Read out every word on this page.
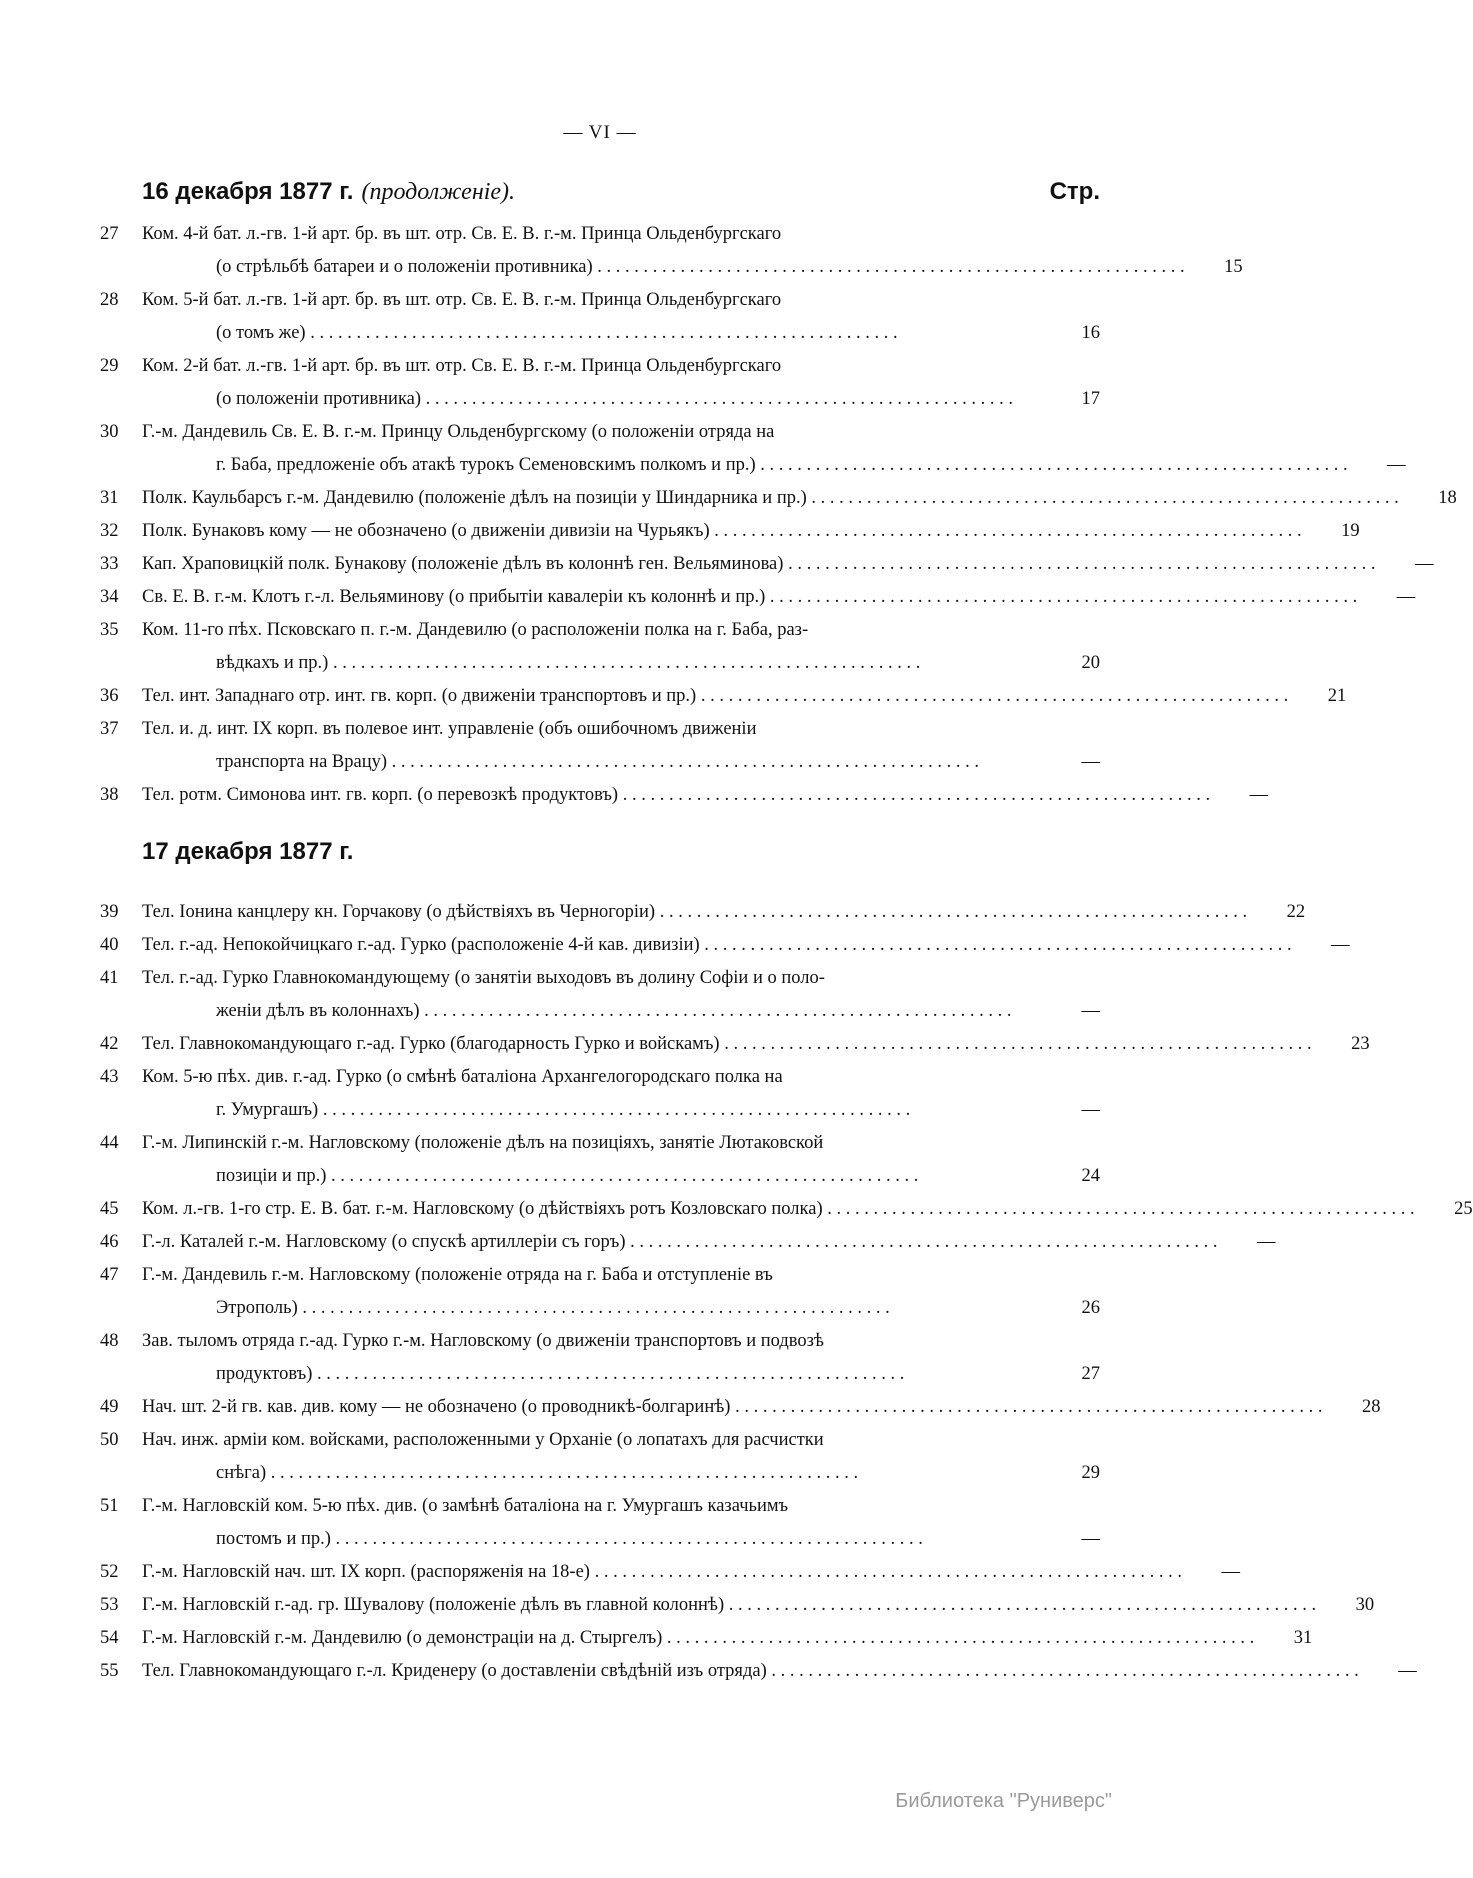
— VI —
16 декабря 1877 г. (продолженіе).	Стр.
27	Ком. 4-й бат. л.-гв. 1-й арт. бр. въ шт. отр. Св. Е. В. г.-м. Принца Ольденбургскаго
(о стрѣльбѣ батареи и о положеніи противника) . . .	15
28	Ком. 5-й бат. л.-гв. 1-й арт. бр. въ шт. отр. Св. Е. В. г.-м. Принца Ольденбургскаго
(о томъ же) . . .	16
29	Ком. 2-й бат. л.-гв. 1-й арт. бр. въ шт. отр. Св. Е. В. г.-м. Принца Ольденбургскаго
(о положеніи противника) . . .	17
30	Г.-м. Дандевиль Св. Е. В. г.-м. Принцу Ольденбургскому (о положеніи отряда на
г. Баба, предложеніе объ атакѣ турокъ Семеновскимъ полкомъ и пр.) . . .	—
31	Полк. Каульбарсъ г.-м. Дандевилю (положеніе дѣлъ на позиціи у Шиндарника и пр.) . . .	18
32	Полк. Бунаковъ кому — не обозначено (о движеніи дивизіи на Чурьякъ) . . .	19
33	Кап. Храповицкій полк. Бунакову (положеніе дѣлъ въ колоннѣ ген. Вельяминова) . . .	—
34	Св. Е. В. г.-м. Клотъ г.-л. Вельяминову (о прибытіи кавалеріи къ колоннѣ и пр.) . . .	—
35	Ком. 11-го пѣх. Псковскаго п. г.-м. Дандевилю (о расположеніи полка на г. Баба, раз-
вѣдкахъ и пр.) . . .	20
36	Тел. инт. Западнаго отр. инт. гв. корп. (о движеніи транспортовъ и пр.) . . .	21
37	Тел. и. д. инт. IX корп. въ полевое инт. управленіе (объ ошибочномъ движеніи
транспорта на Врацу) . . .	—
38	Тел. ротм. Симонова инт. гв. корп. (о перевозкѣ продуктовъ) . . .	—
17 декабря 1877 г.
39	Тел. Іонина канцлеру кн. Горчакову (о дѣйствіяхъ въ Черногоріи) . . .	22
40	Тел. г.-ад. Непокойчицкаго г.-ад. Гурко (расположеніе 4-й кав. дивизіи) . . .	—
41	Тел. г.-ад. Гурко Главнокомандующему (о занятіи выходовъ въ долину Софіи и о поло-
женіи дѣлъ въ колоннахъ) . . .	—
42	Тел. Главнокомандующаго г.-ад. Гурко (благодарность Гурко и войскамъ) . . .	23
43	Ком. 5-ю пѣх. див. г.-ад. Гурко (о смѣнѣ баталіона Архангелогородскаго полка на
г. Умургашъ) . . .	—
44	Г.-м. Липинскій г.-м. Нагловскому (положеніе дѣлъ на позиціяхъ, занятіе Лютаковской
позиціи и пр.) . . .	24
45	Ком. л.-гв. 1-го стр. Е. В. бат. г.-м. Нагловскому (о дѣйствіяхъ ротъ Козловскаго полка) . . .	25
46	Г.-л. Каталей г.-м. Нагловскому (о спускѣ артиллеріи съ горъ) . . .	—
47	Г.-м. Дандевиль г.-м. Нагловскому (положеніе отряда на г. Баба и отступленіе въ
Этрополь) . . .	26
48	Зав. тыломъ отряда г.-ад. Гурко г.-м. Нагловскому (о движеніи транспортовъ и подвозѣ
продуктовъ) . . .	27
49	Нач. шт. 2-й гв. кав. див. кому — не обозначено (о проводникѣ-болгаринѣ) . . .	28
50	Нач. инж. арміи ком. войсками, расположенными у Орханіе (о лопатахъ для расчистки
снѣга) . . .	29
51	Г.-м. Нагловскій ком. 5-ю пѣх. див. (о замѣнѣ баталіона на г. Умургашъ казачьимъ
постомъ и пр.) . . .	—
52	Г.-м. Нагловскій нач. шт. IX корп. (распоряженія на 18-е) . . .	—
53	Г.-м. Нагловскій г.-ад. гр. Шувалову (положеніе дѣлъ въ главной колоннѣ) . . .	30
54	Г.-м. Нагловскій г.-м. Дандевилю (о демонстраціи на д. Стыргелъ) . . .	31
55	Тел. Главнокомандующаго г.-л. Криденеру (о доставленіи свѣдѣній изъ отряда) . . .	—
Библиотека "Руниверс"
